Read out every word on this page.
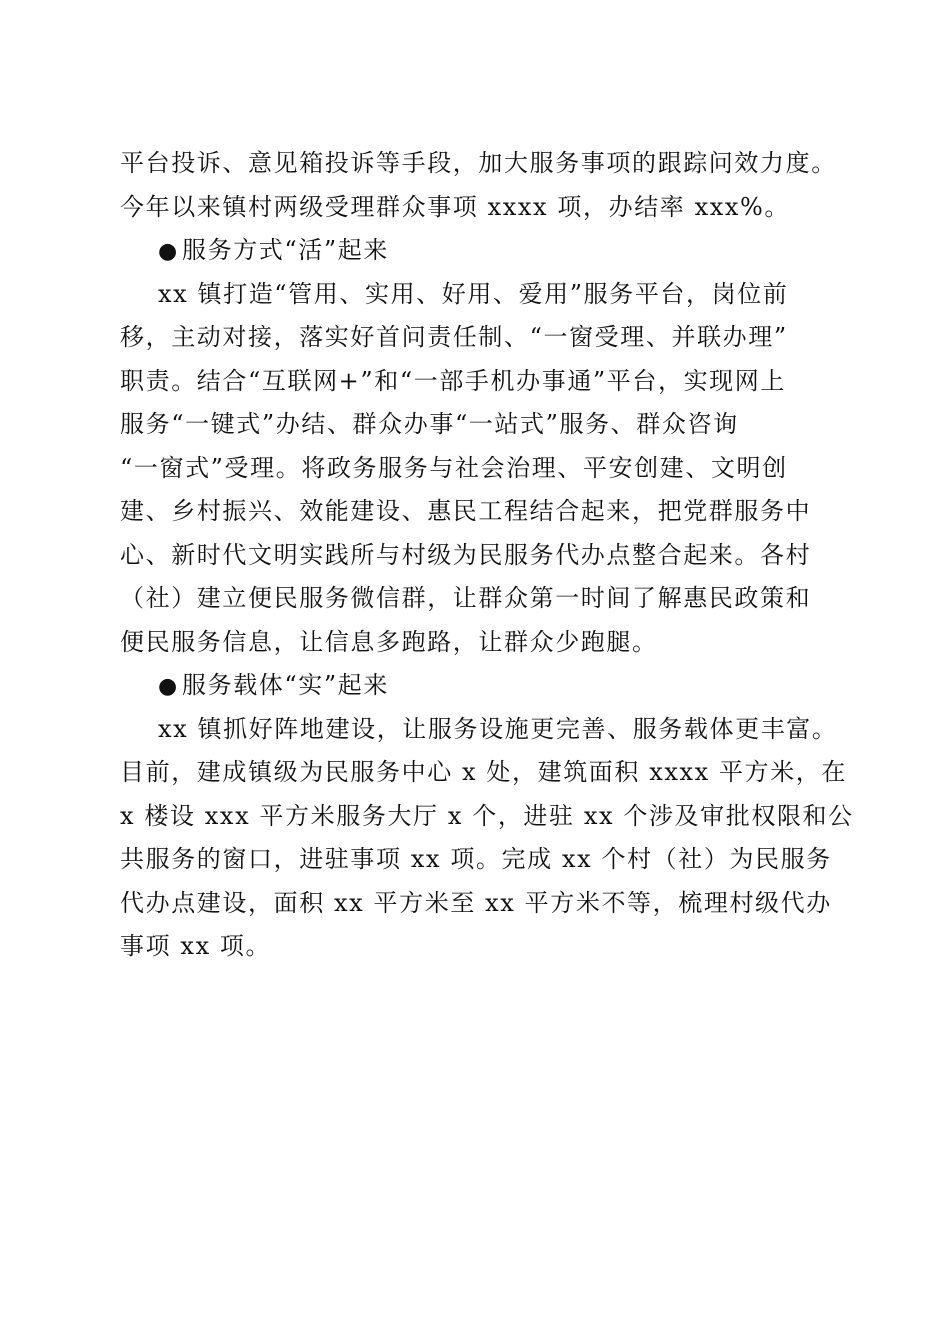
平台投诉、意见箱投诉等手段，加大服务事项的跟踪问效力度。
今年以来镇村两级受理群众事项 xxxx 项，办结率 xxx%。
● 服务方式“活”起来
xx 镇打造“管用、实用、好用、爱用”服务平台，岗位前
移，主动对接，落实好首问责任制、“一窗受理、并联办理”
职责。结合“互联网+”和“一部手机办事通”平台，实现网上
服务“一键式”办结、群众办事“一站式”服务、群众咨询
“一窗式”受理。将政务服务与社会治理、平安创建、文明创
建、乡村振兴、效能建设、惠民工程结合起来，把党群服务中
心、新时代文明实践所与村级为民服务代办点整合起来。各村
（社）建立便民服务微信群，让群众第一时间了解惠民政策和
便民服务信息，让信息多跑路，让群众少跑腿。
● 服务载体“实”起来
xx 镇抓好阵地建设，让服务设施更完善、服务载体更丰富。
目前，建成镇级为民服务中心 x 处，建筑面积 xxxx 平方米，在
x 楼设 xxx 平方米服务大厅 x 个，进驻 xx 个涉及审批权限和公
共服务的窗口，进驻事项 xx 项。完成 xx 个村（社）为民服务
代办点建设，面积 xx 平方米至 xx 平方米不等，梳理村级代办
事项 xx 项。
